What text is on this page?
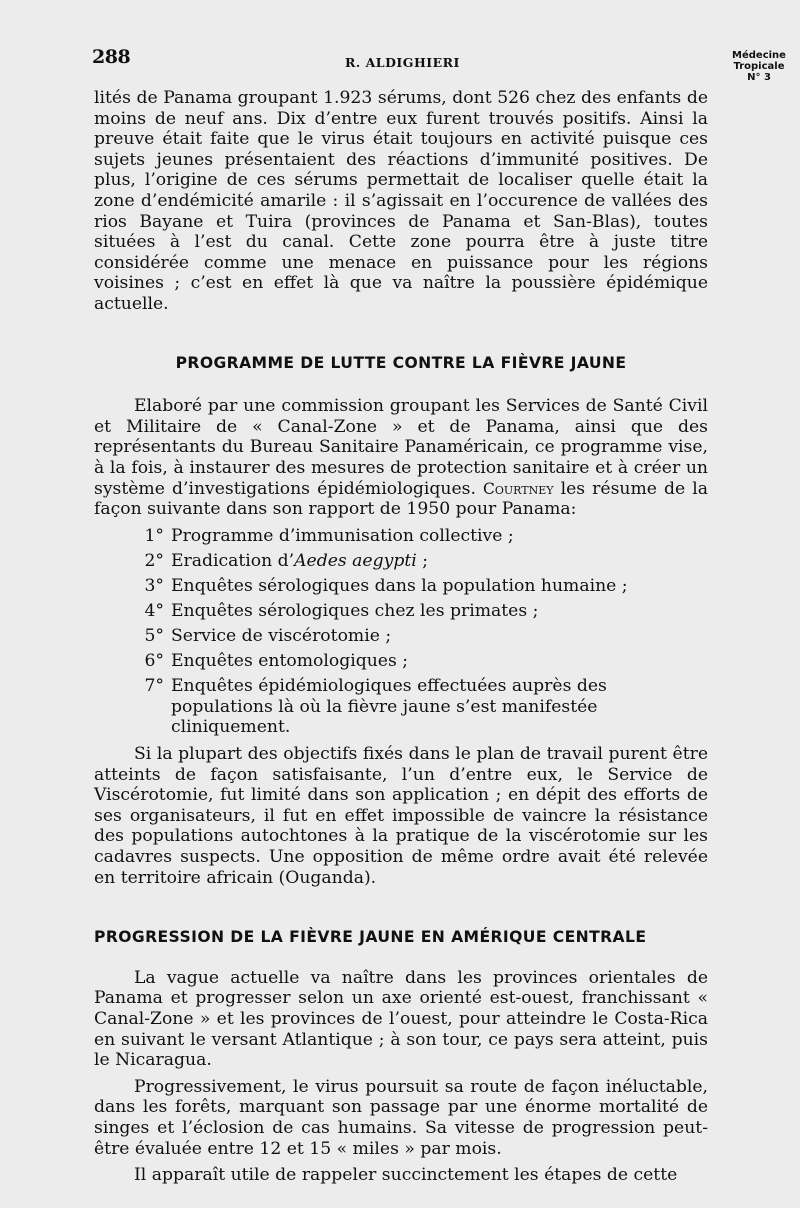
288	R. ALDIGHIERI	Médecine
Tropicale
N° 3

lités de Panama groupant 1.923 sérums, dont 526 chez des enfants de moins de neuf ans. Dix d’entre eux furent trouvés positifs. Ainsi la preuve était faite que le virus était toujours en activité puisque ces sujets jeunes présentaient des réactions d’immunité positives. De plus, l’origine de ces sérums permettait de localiser quelle était la zone d’endémicité amarile : il s’agissait en l’occurence de vallées des rios Bayane et Tuira (provinces de Panama et San-Blas), toutes situées à l’est du canal. Cette zone pourra être à juste titre considérée comme une menace en puissance pour les régions voisines ; c’est en effet là que va naître la poussière épidémique actuelle.

PROGRAMME DE LUTTE CONTRE LA FIÈVRE JAUNE

Elaboré par une commission groupant les Services de Santé Civil et Militaire de « Canal-Zone » et de Panama, ainsi que des représentants du Bureau Sanitaire Panaméricain, ce programme vise, à la fois, à instaurer des mesures de protection sanitaire et à créer un système d’investigations épidémiologiques. Courtney les résume de la façon suivante dans son rapport de 1950 pour Panama:

1° Programme d’immunisation collective ;
2° Eradication d’Aedes aegypti ;
3° Enquêtes sérologiques dans la population humaine ;
4° Enquêtes sérologiques chez les primates ;
5° Service de viscérotomie ;
6° Enquêtes entomologiques ;
7° Enquêtes épidémiologiques effectuées auprès des populations là où la fièvre jaune s’est manifestée cliniquement.

Si la plupart des objectifs fixés dans le plan de travail purent être atteints de façon satisfaisante, l’un d’entre eux, le Service de Viscérotomie, fut limité dans son application ; en dépit des efforts de ses organisateurs, il fut en effet impossible de vaincre la résistance des populations autochtones à la pratique de la viscérotomie sur les cadavres suspects. Une opposition de même ordre avait été relevée en territoire africain (Ouganda).

PROGRESSION DE LA FIÈVRE JAUNE EN AMÉRIQUE CENTRALE

La vague actuelle va naître dans les provinces orientales de Panama et progresser selon un axe orienté est-ouest, franchissant « Canal-Zone » et les provinces de l’ouest, pour atteindre le Costa-Rica en suivant le versant Atlantique ; à son tour, ce pays sera atteint, puis le Nicaragua.

Progressivement, le virus poursuit sa route de façon inéluctable, dans les forêts, marquant son passage par une énorme mortalité de singes et l’éclosion de cas humains. Sa vitesse de progression peut-être évaluée entre 12 et 15 « miles » par mois.

Il apparaît utile de rappeler succinctement les étapes de cette
